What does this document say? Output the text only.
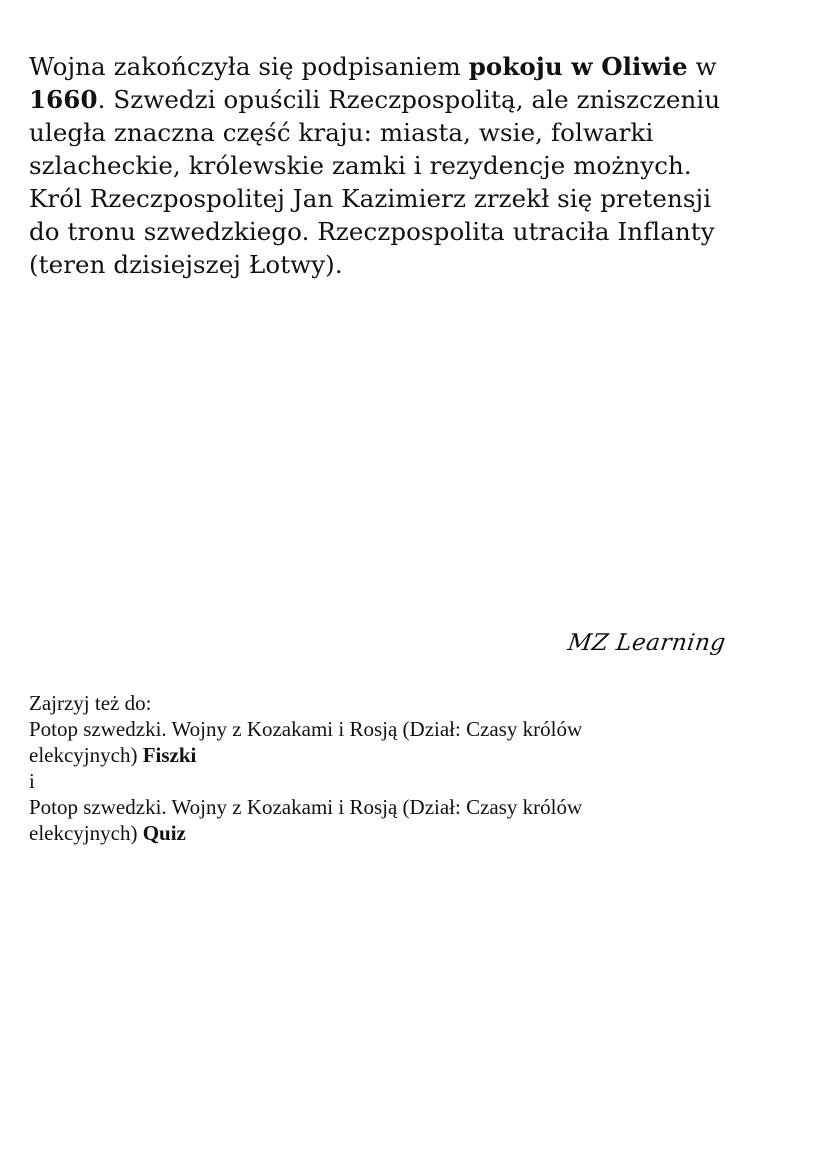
Wojna zakończyła się podpisaniem pokoju w Oliwie w
1660. Szwedzi opuścili Rzeczpospolitą, ale zniszczeniu
uległa znaczna część kraju: miasta, wsie, folwarki
szlacheckie, królewskie zamki i rezydencje możnych.
Król Rzeczpospolitej Jan Kazimierz zrzekł się pretensji
do tronu szwedzkiego. Rzeczpospolita utraciła Inflanty
(teren dzisiejszej Łotwy).
MZ Learning
Zajrzyj też do:
Potop szwedzki. Wojny z Kozakami i Rosją (Dział: Czasy królów
elekcyjnych) Fiszki
i
Potop szwedzki. Wojny z Kozakami i Rosją (Dział: Czasy królów
elekcyjnych) Quiz
